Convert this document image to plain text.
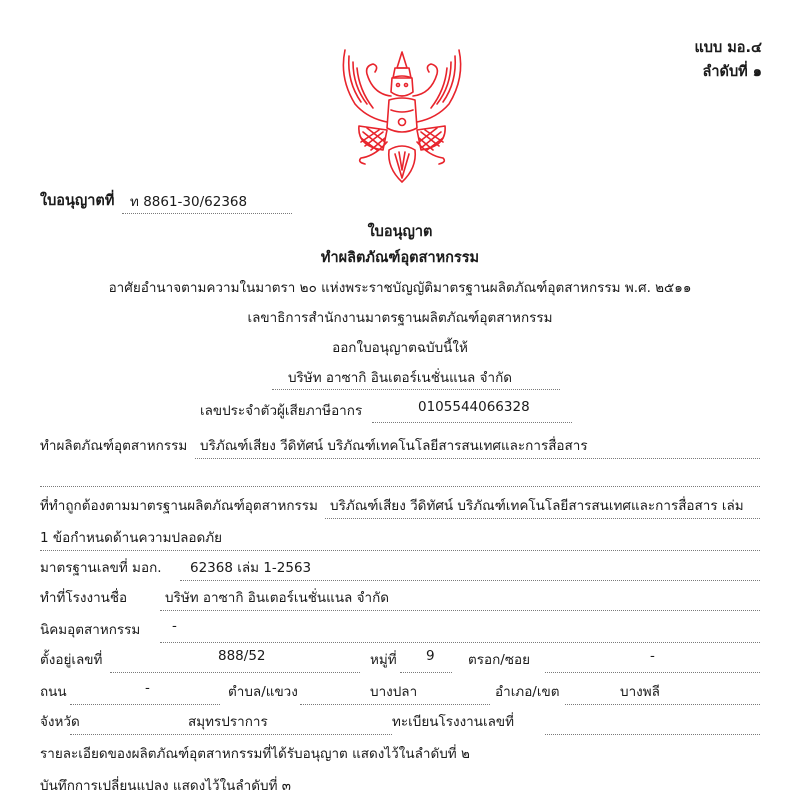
แบบ มอ.๔
ลำดับที่ ๑
ใบอนุญาตที่ ท 8861-30/62368
ใบอนุญาต
ทำผลิตภัณฑ์อุตสาหกรรม
อาศัยอำนาจตามความในมาตรา ๒๐ แห่งพระราชบัญญัติมาตรฐานผลิตภัณฑ์อุตสาหกรรม พ.ศ. ๒๕๑๑
เลขาธิการสำนักงานมาตรฐานผลิตภัณฑ์อุตสาหกรรม
ออกใบอนุญาตฉบับนี้ให้
บริษัท อาซากิ อินเตอร์เนชั่นแนล จำกัด
เลขประจำตัวผู้เสียภาษีอากร	0105544066328
ทำผลิตภัณฑ์อุตสาหกรรม บริภัณฑ์เสียง วีดิทัศน์ บริภัณฑ์เทคโนโลยีสารสนเทศและการสื่อสาร
ที่ทำถูกต้องตามมาตรฐานผลิตภัณฑ์อุตสาหกรรม บริภัณฑ์เสียง วีดิทัศน์ บริภัณฑ์เทคโนโลยีสารสนเทศและการสื่อสาร เล่ม
1 ข้อกำหนดด้านความปลอดภัย
มาตรฐานเลขที่ มอก. 62368 เล่ม 1-2563
ทำที่โรงงานชื่อ	บริษัท อาซากิ อินเตอร์เนชั่นแนล จำกัด
นิคมอุตสาหกรรม -
ตั้งอยู่เลขที่	888/52	หมู่ที่ 9 ตรอก/ซอย	-
ถนน	-	ตำบล/แขวง	บางปลา	อำเภอ/เขต	บางพลี
จังหวัด	สมุทรปราการ	ทะเบียนโรงงานเลขที่
รายละเอียดของผลิตภัณฑ์อุตสาหกรรมที่ได้รับอนุญาต แสดงไว้ในลำดับที่ ๒
บันทึกการเปลี่ยนแปลง แสดงไว้ในลำดับที่ ๓
